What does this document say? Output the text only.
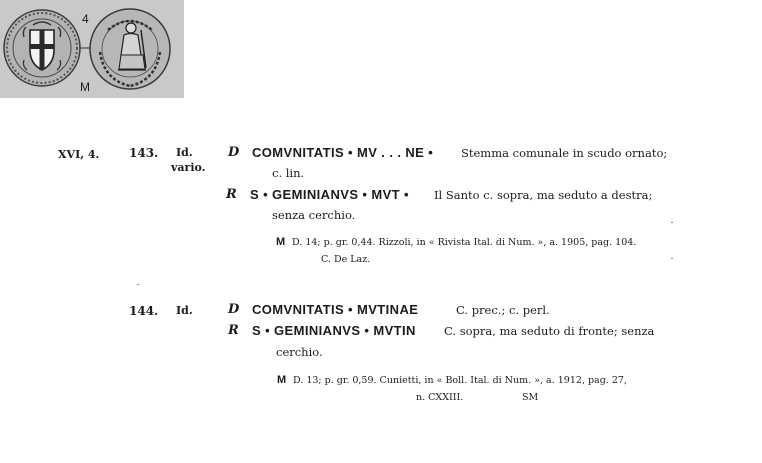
4
M
XVI, 4. 143. Id.
vario.
D COMVNITATIS • MV . . . NE • Stemma comunale in scudo ornato;
c. lin.
R S • GEMINIANVS • MVT • Il Santo c. sopra, ma seduto a destra;
senza cerchio.
M D. 14; p. gr. 0,44. Rizzoli, in « Rivista Ital. di Num. », a. 1905, pag. 104.
C. De Laz.
144. Id.	D COMVNITATIS • MVTINAE	C. prec.; c. perl.
R S • GEMINIANVS • MVTIN C. sopra, ma seduto di fronte; senza
cerchio.
M D. 13; p. gr. 0,59. Cunietti, in « Boll. Ital. di Num. », a. 1912, pag. 27,
n. CXXIII.	SM
